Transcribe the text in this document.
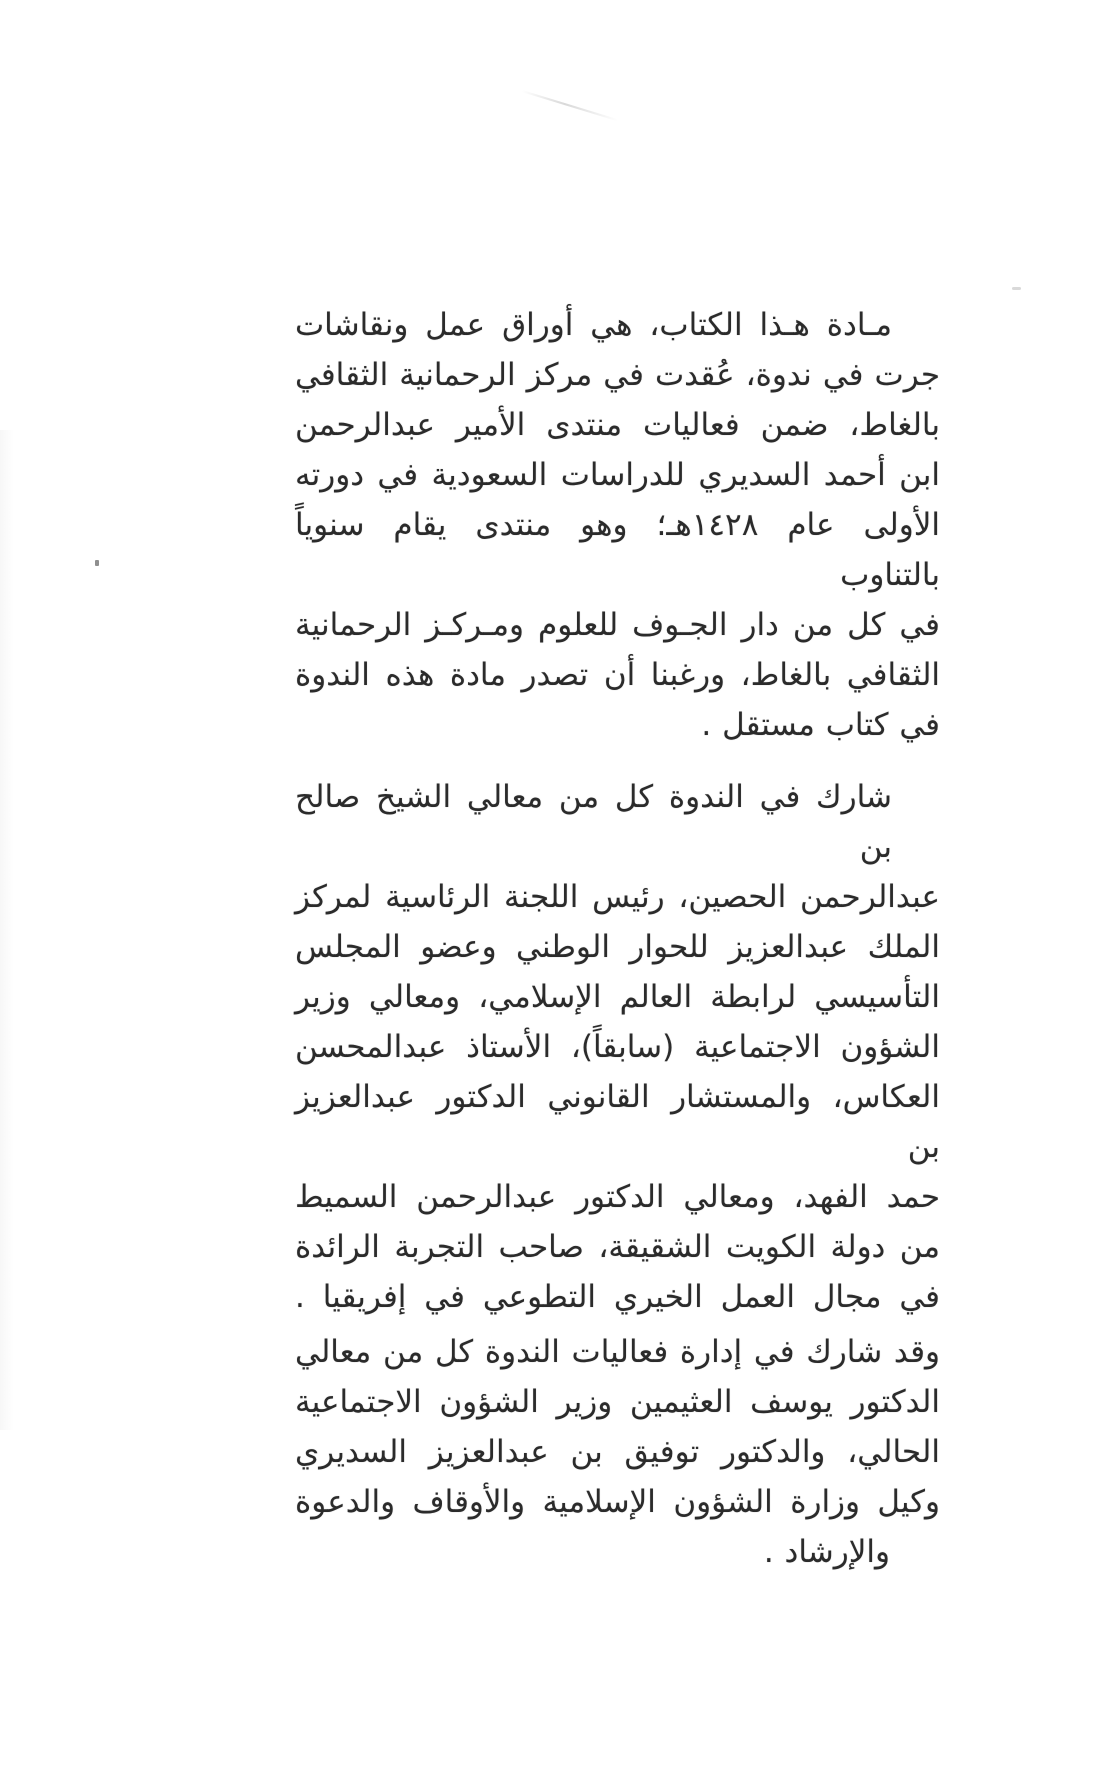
مـادة هـذا الكتاب، هي أوراق عمل ونقاشات
جرت في ندوة، عُقدت في مركز الرحمانية الثقافي
بالغاط، ضمن فعاليات منتدى الأمير عبدالرحمن
ابن أحمد السديري للدراسات السعودية في دورته
الأولى عام ١٤٢٨هـ؛ وهو منتدى يقام سنوياً بالتناوب
في كل من دار الجـوف للعلوم ومـركـز الرحمانية
الثقافي بالغاط، ورغبنا أن تصدر مادة هذه الندوة
في كتاب مستقل .
شارك في الندوة كل من معالي الشيخ صالح بن
عبدالرحمن الحصين، رئيس اللجنة الرئاسية لمركز
الملك عبدالعزيز للحوار الوطني وعضو المجلس
التأسيسي لرابطة العالم الإسلامي، ومعالي وزير
الشؤون الاجتماعية (سابقاً)، الأستاذ عبدالمحسن
العكاس، والمستشار القانوني الدكتور عبدالعزيز بن
حمد الفهد، ومعالي الدكتور عبدالرحمن السميط
من دولة الكويت الشقيقة، صاحب التجربة الرائدة
في مجال العمل الخيري التطوعي في إفريقيا .
وقد شارك في إدارة فعاليات الندوة كل من معالي
الدكتور يوسف العثيمين وزير الشؤون الاجتماعية
الحالي، والدكتور توفيق بن عبدالعزيز السديري
وكيل وزارة الشؤون الإسلامية والأوقاف والدعوة
والإرشاد .
